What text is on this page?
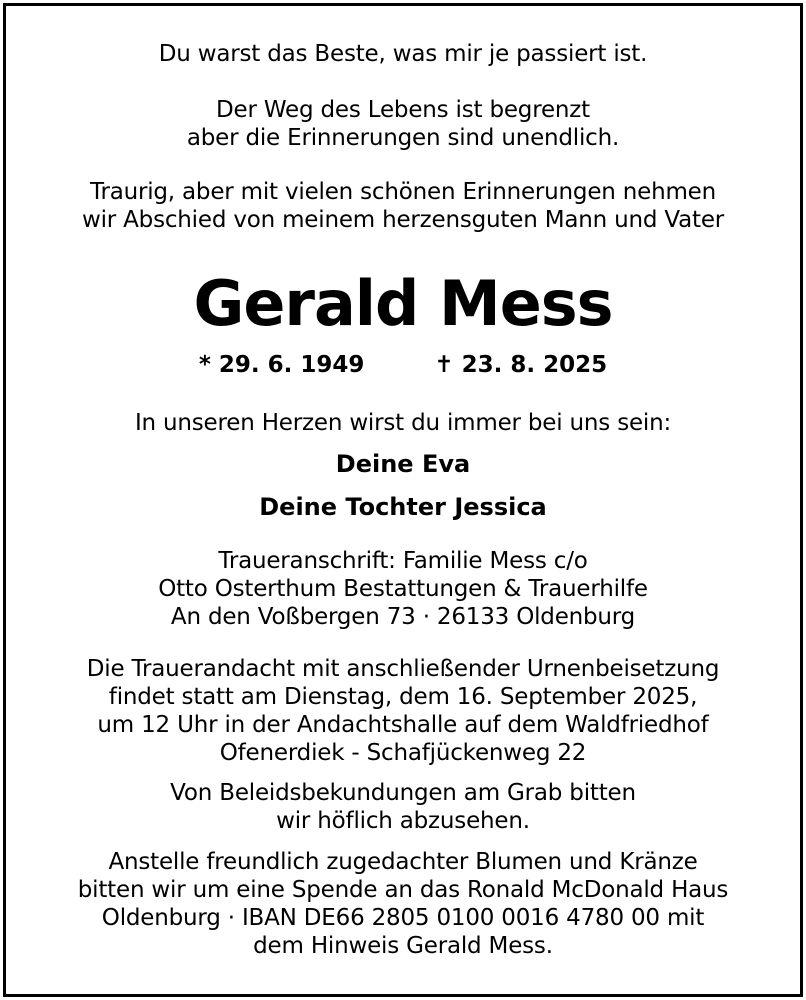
Du warst das Beste, was mir je passiert ist.

Der Weg des Lebens ist begrenzt
aber die Erinnerungen sind unendlich.

Traurig, aber mit vielen schönen Erinnerungen nehmen
wir Abschied von meinem herzensguten Mann und Vater

Gerald Mess
* 29. 6. 1949	✝ 23. 8. 2025

In unseren Herzen wirst du immer bei uns sein:

Deine Eva
Deine Tochter Jessica

Traueranschrift: Familie Mess c/o
Otto Osterthum Bestattungen & Trauerhilfe
An den Voßbergen 73 · 26133 Oldenburg

Die Trauerandacht mit anschließender Urnenbeisetzung
findet statt am Dienstag, dem 16. September 2025,
um 12 Uhr in der Andachtshalle auf dem Waldfriedhof
Ofenerdiek - Schafjückenweg 22

Von Beleidsbekundungen am Grab bitten
wir höflich abzusehen.

Anstelle freundlich zugedachter Blumen und Kränze
bitten wir um eine Spende an das Ronald McDonald Haus
Oldenburg · IBAN DE66 2805 0100 0016 4780 00 mit
dem Hinweis Gerald Mess.
